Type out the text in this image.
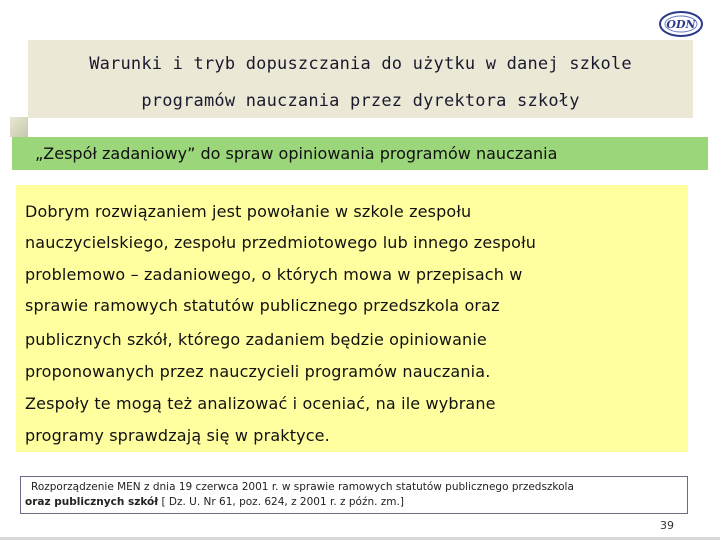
ODN
Warunki i tryb dopuszczania do użytku w danej szkole
programów nauczania przez dyrektora szkoły
„Zespół zadaniowy” do spraw opiniowania programów nauczania
Dobrym rozwiązaniem jest powołanie w szkole zespołu
nauczycielskiego, zespołu przedmiotowego lub innego zespołu
problemowo – zadaniowego, o których mowa w przepisach w
sprawie ramowych statutów publicznego przedszkola oraz
publicznych szkół, którego zadaniem będzie opiniowanie
proponowanych przez nauczycieli programów nauczania.
Zespoły te mogą też analizować i oceniać, na ile wybrane
programy sprawdzają się w praktyce.
Rozporządzenie MEN z dnia 19 czerwca 2001 r. w sprawie ramowych statutów publicznego przedszkola
oraz publicznych szkół [ Dz. U. Nr 61, poz. 624, z 2001 r. z późn. zm.]
39
